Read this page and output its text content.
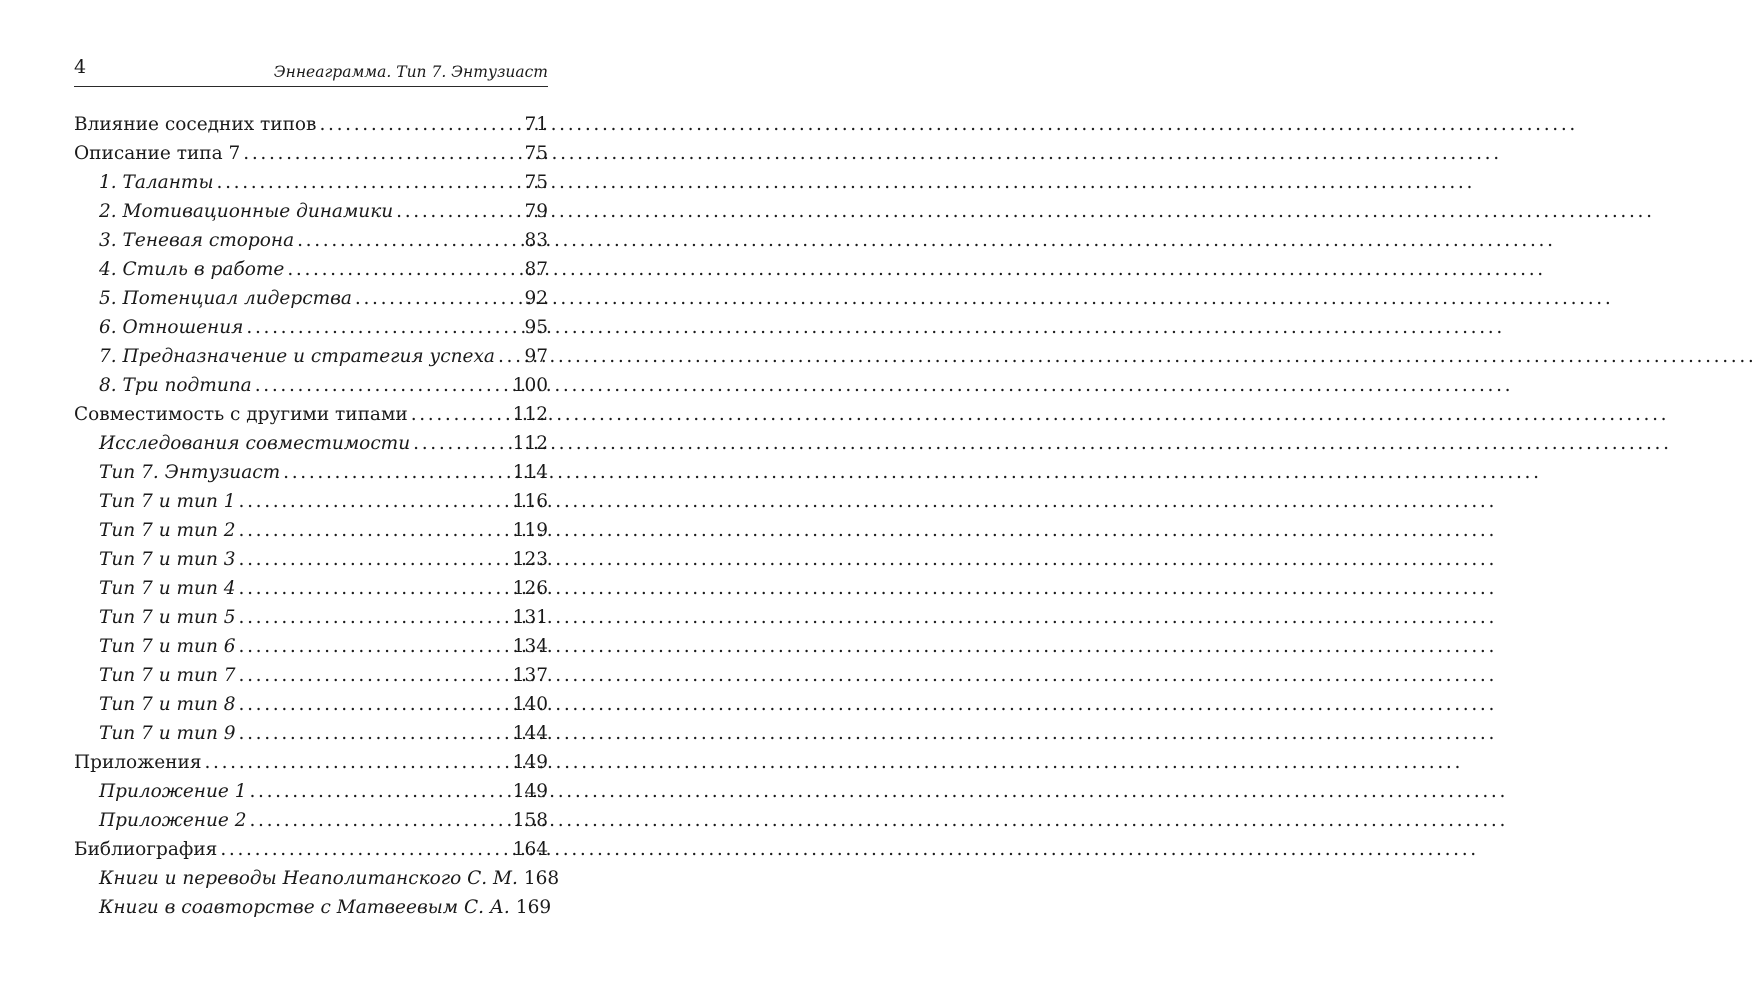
4	Эннеаграмма. Тип 7. Энтузиаст
Влияние соседних типов . . .	71
Описание типа 7 . . .	75
1. Таланты . . .	75
2. Мотивационные динамики . . .	79
3. Теневая сторона . . .	83
4. Стиль в работе . . .	87
5. Потенциал лидерства . . .	92
6. Отношения . . .	95
7. Предназначение и стратегия успеха . . . 97
8. Три подтипа . . .	100
Совместимость с другими типами . . .	112
Исследования совместимости . . .	112
Тип 7. Энтузиаст . . .	114
Тип 7 и тип 1 . . .	116
Тип 7 и тип 2 . . .	119
Тип 7 и тип 3 . . .	123
Тип 7 и тип 4 . . .	126
Тип 7 и тип 5 . . .	131
Тип 7 и тип 6 . . .	134
Тип 7 и тип 7 . . .	137
Тип 7 и тип 8 . . .	140
Тип 7 и тип 9 . . .	144
Приложения . . .	149
Приложение 1 . . .	149
Приложение 2 . . .	158
Библиография . . .	164
Книги и переводы Неаполитанского С. М. 168
Книги в соавторстве с Матвеевым С. А. 169
